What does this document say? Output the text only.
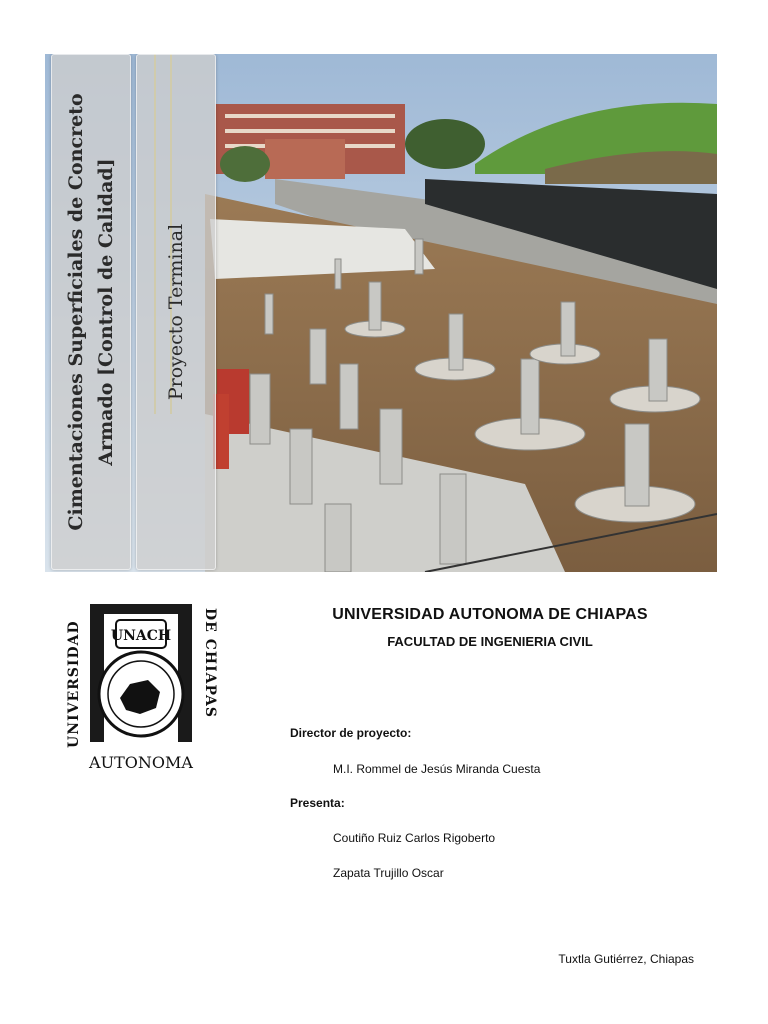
Cimentaciones Superficiales de Concreto Armado [Control de Calidad]	Proyecto Terminal
UNACH
UNIVERSIDAD
DE CHIAPAS
AUTONOMA
UNIVERSIDAD AUTONOMA DE CHIAPAS
FACULTAD DE INGENIERIA CIVIL
Director de proyecto:
M.I. Rommel de Jesús Miranda Cuesta
Presenta:
Coutiño Ruiz Carlos Rigoberto
Zapata Trujillo Oscar
Tuxtla Gutiérrez, Chiapas
